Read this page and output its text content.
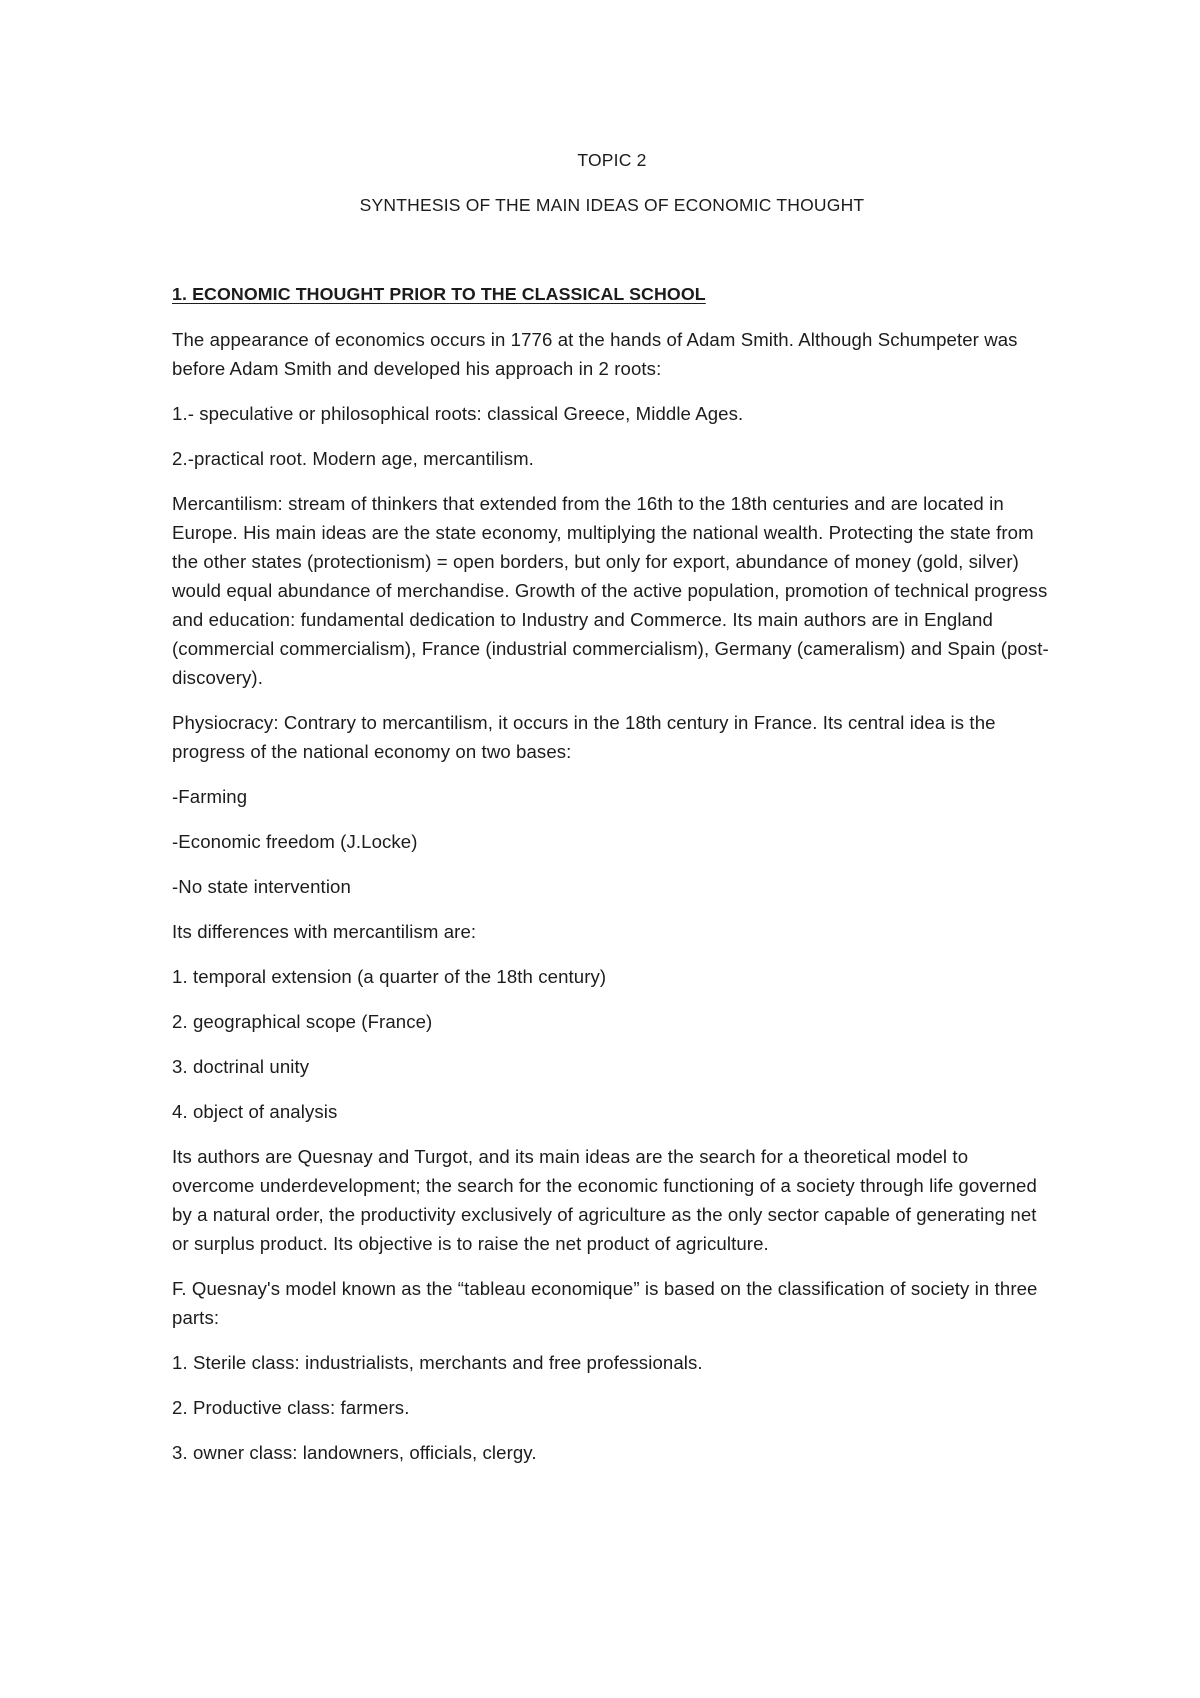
TOPIC 2
SYNTHESIS OF THE MAIN IDEAS OF ECONOMIC THOUGHT
1. ECONOMIC THOUGHT PRIOR TO THE CLASSICAL SCHOOL

The appearance of economics occurs in 1776 at the hands of Adam Smith. Although Schumpeter was before Adam Smith and developed his approach in 2 roots:

1.- speculative or philosophical roots: classical Greece, Middle Ages.

2.-practical root. Modern age, mercantilism.

Mercantilism: stream of thinkers that extended from the 16th to the 18th centuries and are located in Europe. His main ideas are the state economy, multiplying the national wealth. Protecting the state from the other states (protectionism) = open borders, but only for export, abundance of money (gold, silver) would equal abundance of merchandise. Growth of the active population, promotion of technical progress and education: fundamental dedication to Industry and Commerce. Its main authors are in England (commercial commercialism), France (industrial commercialism), Germany (cameralism) and Spain (post-discovery).

Physiocracy: Contrary to mercantilism, it occurs in the 18th century in France. Its central idea is the progress of the national economy on two bases:

-Farming

-Economic freedom (J.Locke)

-No state intervention

Its differences with mercantilism are:

1. temporal extension (a quarter of the 18th century)

2. geographical scope (France)

3. doctrinal unity

4. object of analysis

Its authors are Quesnay and Turgot, and its main ideas are the search for a theoretical model to overcome underdevelopment; the search for the economic functioning of a society through life governed by a natural order, the productivity exclusively of agriculture as the only sector capable of generating net or surplus product. Its objective is to raise the net product of agriculture.

F. Quesnay's model known as the “tableau economique” is based on the classification of society in three parts:

1. Sterile class: industrialists, merchants and free professionals.

2. Productive class: farmers.

3. owner class: landowners, officials, clergy.
